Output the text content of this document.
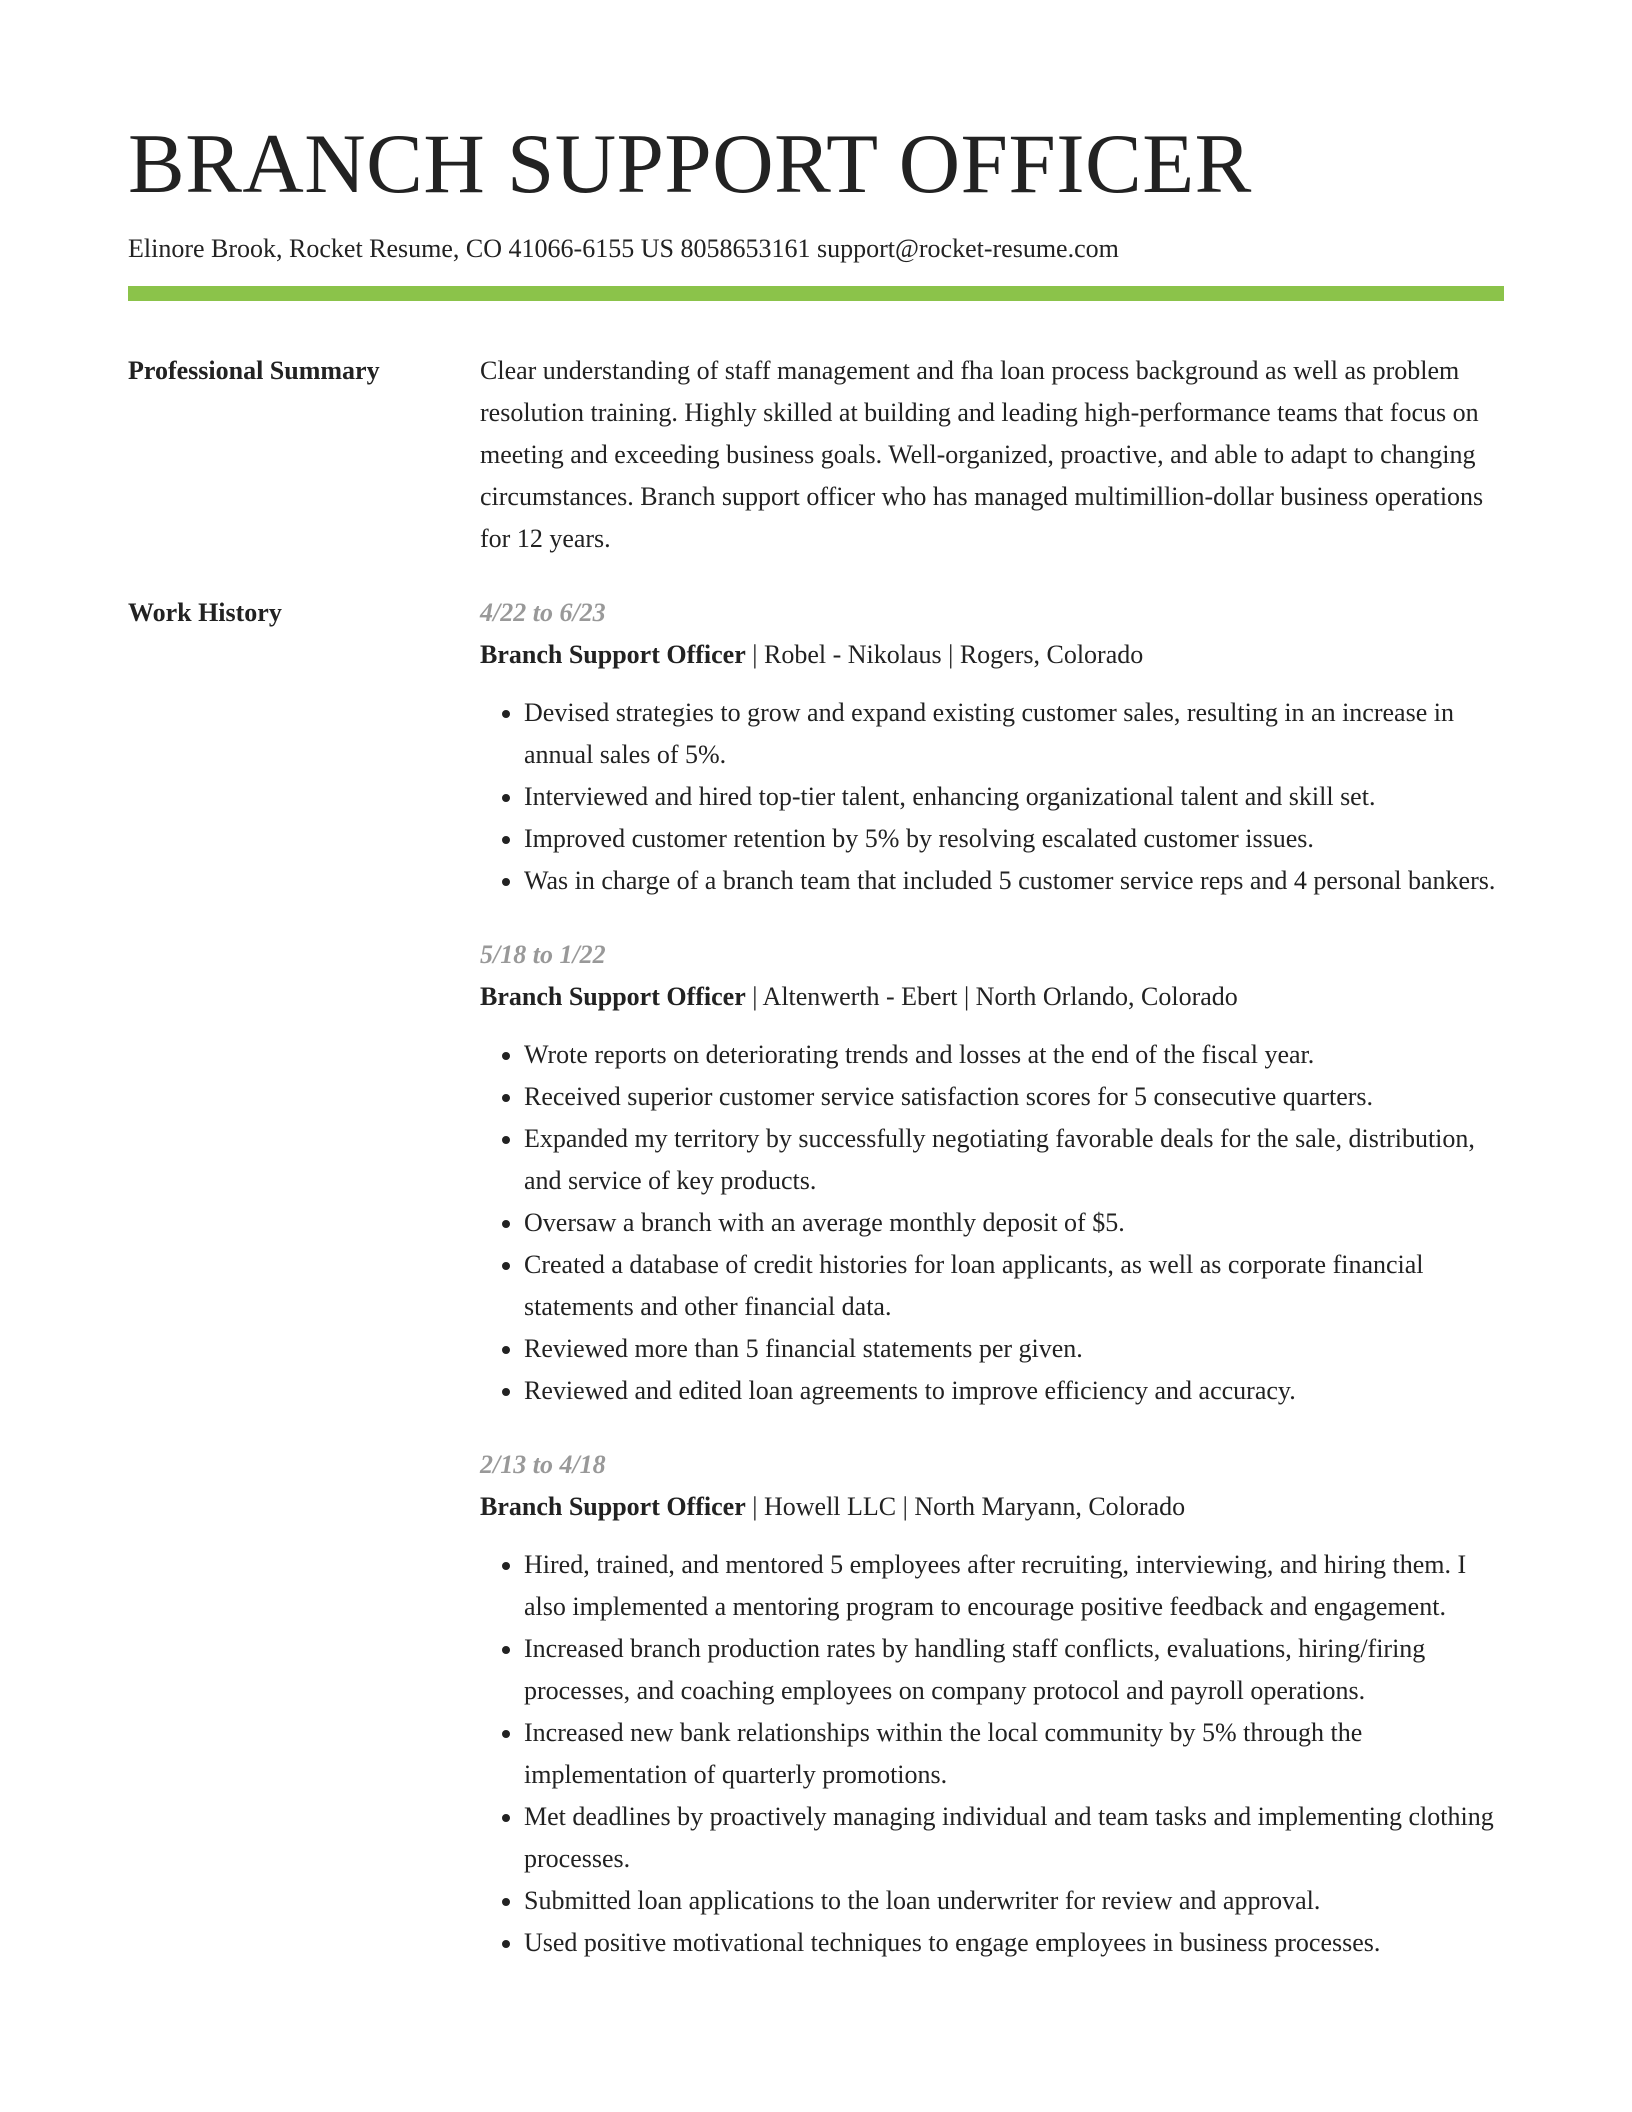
BRANCH SUPPORT OFFICER
Elinore Brook, Rocket Resume, CO 41066-6155 US 8058653161 support@rocket-resume.com
Professional Summary	Clear understanding of staff management and fha loan process background as well as problem resolution training. Highly skilled at building and leading high-performance teams that focus on meeting and exceeding business goals. Well-organized, proactive, and able to adapt to changing circumstances. Branch support officer who has managed multimillion-dollar business operations for 12 years.

Work History	4/22 to 6/23
Branch Support Officer | Robel - Nikolaus | Rogers, Colorado
• Devised strategies to grow and expand existing customer sales, resulting in an increase in annual sales of 5%.
• Interviewed and hired top-tier talent, enhancing organizational talent and skill set.
• Improved customer retention by 5% by resolving escalated customer issues.
• Was in charge of a branch team that included 5 customer service reps and 4 personal bankers.
5/18 to 1/22
Branch Support Officer | Altenwerth - Ebert | North Orlando, Colorado
• Wrote reports on deteriorating trends and losses at the end of the fiscal year.
• Received superior customer service satisfaction scores for 5 consecutive quarters.
• Expanded my territory by successfully negotiating favorable deals for the sale, distribution, and service of key products.
• Oversaw a branch with an average monthly deposit of $5.
• Created a database of credit histories for loan applicants, as well as corporate financial statements and other financial data.
• Reviewed more than 5 financial statements per given.
• Reviewed and edited loan agreements to improve efficiency and accuracy.
2/13 to 4/18
Branch Support Officer | Howell LLC | North Maryann, Colorado
• Hired, trained, and mentored 5 employees after recruiting, interviewing, and hiring them. I also implemented a mentoring program to encourage positive feedback and engagement.
• Increased branch production rates by handling staff conflicts, evaluations, hiring/firing processes, and coaching employees on company protocol and payroll operations.
• Increased new bank relationships within the local community by 5% through the implementation of quarterly promotions.
• Met deadlines by proactively managing individual and team tasks and implementing clothing processes.
• Submitted loan applications to the loan underwriter for review and approval.
• Used positive motivational techniques to engage employees in business processes.
